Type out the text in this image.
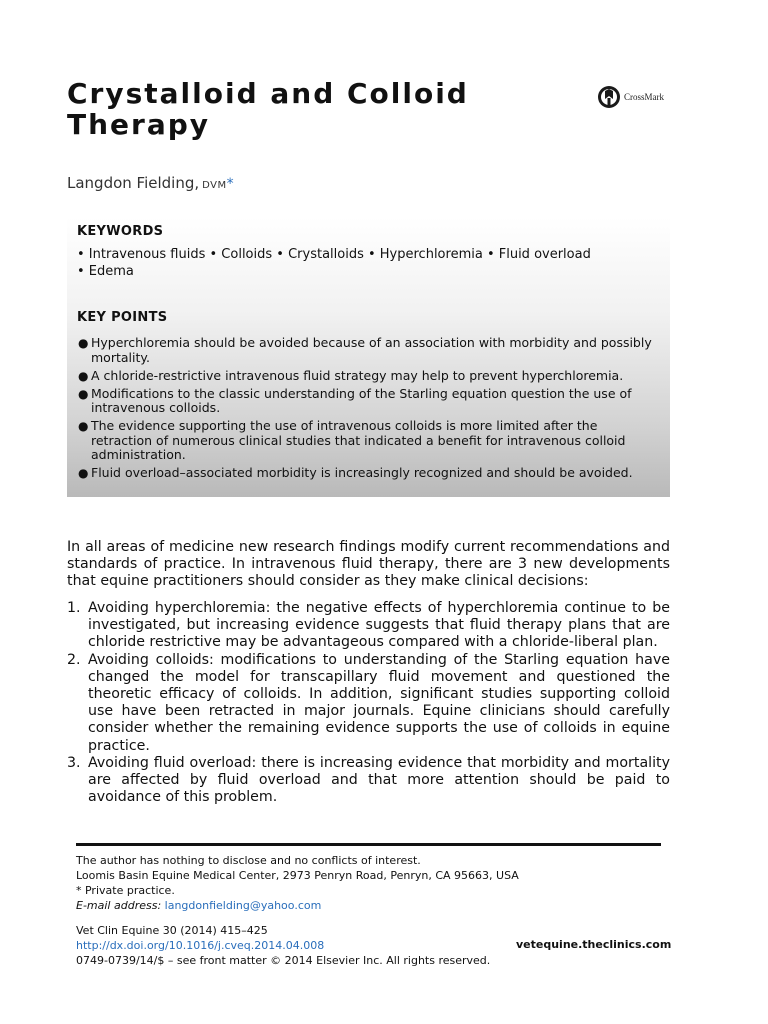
Crystalloid and Colloid Therapy
CrossMark
Langdon Fielding, DVM*
KEYWORDS
• Intravenous fluids • Colloids • Crystalloids • Hyperchloremia • Fluid overload
• Edema
KEY POINTS
● Hyperchloremia should be avoided because of an association with morbidity and possibly mortality.
● A chloride-restrictive intravenous fluid strategy may help to prevent hyperchloremia.
● Modifications to the classic understanding of the Starling equation question the use of intravenous colloids.
● The evidence supporting the use of intravenous colloids is more limited after the retraction of numerous clinical studies that indicated a benefit for intravenous colloid administration.
● Fluid overload–associated morbidity is increasingly recognized and should be avoided.

In all areas of medicine new research findings modify current recommendations and standards of practice. In intravenous fluid therapy, there are 3 new developments that equine practitioners should consider as they make clinical decisions:

1. Avoiding hyperchloremia: the negative effects of hyperchloremia continue to be investigated, but increasing evidence suggests that fluid therapy plans that are chloride restrictive may be advantageous compared with a chloride-liberal plan.
2. Avoiding colloids: modifications to understanding of the Starling equation have changed the model for transcapillary fluid movement and questioned the theoretic efficacy of colloids. In addition, significant studies supporting colloid use have been retracted in major journals. Equine clinicians should carefully consider whether the remaining evidence supports the use of colloids in equine practice.
3. Avoiding fluid overload: there is increasing evidence that morbidity and mortality are affected by fluid overload and that more attention should be paid to avoidance of this problem.
The author has nothing to disclose and no conflicts of interest.
Loomis Basin Equine Medical Center, 2973 Penryn Road, Penryn, CA 95663, USA
* Private practice.
E-mail address: langdonfielding@yahoo.com
Vet Clin Equine 30 (2014) 415–425
http://dx.doi.org/10.1016/j.cveq.2014.04.008	vetequine.theclinics.com
0749-0739/14/$ – see front matter © 2014 Elsevier Inc. All rights reserved.
